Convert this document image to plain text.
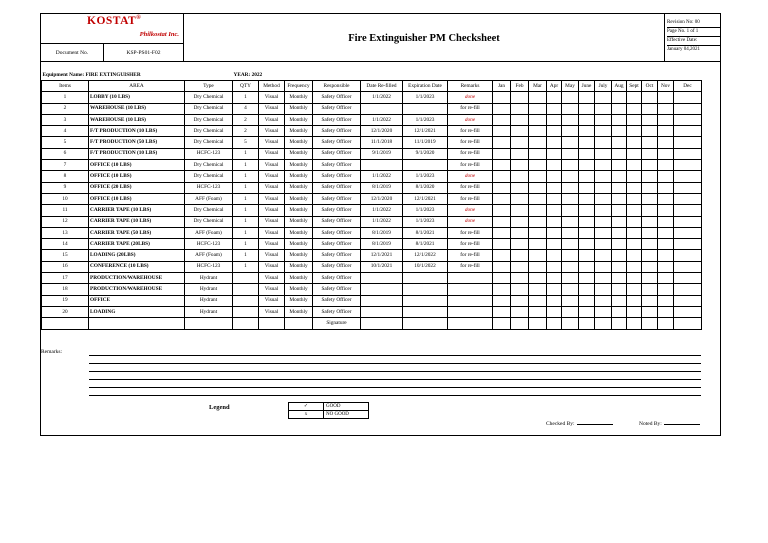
KOSTAT®
Philkostat Inc.
Document No.	KSP-PS01-F02
Fire Extinguisher PM Checksheet
Revision No: 00
Page No. 1 of 1
Effective Date:
January 04,2021
Equipment Name: FIRE EXTINGUISHER			YEAR: 2022																		
Items	AREA	Type	QTY	Method	Frequency	Responsible	Date Re-filled	Expiration Date	Remarks	Jan	Feb	Mar	Apr	May	June	July	Aug	Sept	Oct	Nov	Dec
1	LOBBY (10 LBS)	Dry Chemical	1	Visual	Monthly	Safety Officer	1/1/2022	1/1/2023	done												
2	WAREHOUSE (10 LBS)	Dry Chemical	4	Visual	Monthly	Safety Officer			for re-fill												
3	WAREHOUSE (10 LBS)	Dry Chemical	2	Visual	Monthly	Safety Officer	1/1/2022	1/1/2023	done												
4	F/T PRODUCTION (10 LBS)	Dry Chemical	2	Visual	Monthly	Safety Officer	12/1/2020	12/1/2021	for re-fill												
5	F/T PRODUCTION (50 LBS)	Dry Chemical	5	Visual	Monthly	Safety Officer	11/1/2018	11/1/2019	for re-fill												
6	F/T PRODUCTION (10 LBS)	HCFC-123	1	Visual	Monthly	Safety Officer	9/1/2019	9/1/2020	for re-fill												
7	OFFICE (10 LBS)	Dry Chemical	1	Visual	Monthly	Safety Officer			for re-fill												
8	OFFICE (10 LBS)	Dry Chemical	1	Visual	Monthly	Safety Officer	1/1/2022	1/1/2023	done												
9	OFFICE (20 LBS)	HCFC-123	1	Visual	Monthly	Safety Officer	8/1/2019	8/1/2020	for re-fill												
10	OFFICE (10 LBS)	AFF (Foam)	1	Visual	Monthly	Safety Officer	12/1/2020	12/1/2021	for re-fill												
11	CARRIER TAPE (10 LBS)	Dry Chemical	1	Visual	Monthly	Safety Officer	1/1/2022	1/1/2023	done												
12	CARRIER TAPE (10 LBS)	Dry Chemical	1	Visual	Monthly	Safety Officer	1/1/2022	1/1/2023	done												
13	CARRIER TAPE (50 LBS)	AFF (Foam)	1	Visual	Monthly	Safety Officer	8/1/2019	8/1/2021	for re-fill												
14	CARRIER TAPE (20LBS)	HCFC-123	1	Visual	Monthly	Safety Officer	8/1/2019	8/1/2021	for re-fill												
15	LOADING (20LBS)	AFF (Foam)	1	Visual	Monthly	Safety Officer	12/1/2021	12/1/2022	for re-fill												
16	CONFERENCE (10 LBS)	HCFC-123	1	Visual	Monthly	Safety Officer	10/1/2021	10/1/2022	for re-fill												
17	PRODUCTION/WAREHOUSE	Hydrant		Visual	Monthly	Safety Officer															
18	PRODUCTION/WAREHOUSE	Hydrant		Visual	Monthly	Safety Officer															
19	OFFICE	Hydrant		Visual	Monthly	Safety Officer															
20	LOADING	Hydrant		Visual	Monthly	Safety Officer															
						Signature															
Remarks:
Legend	✓	GOOD
x	NO GOOD
Checked By:	Noted By:
